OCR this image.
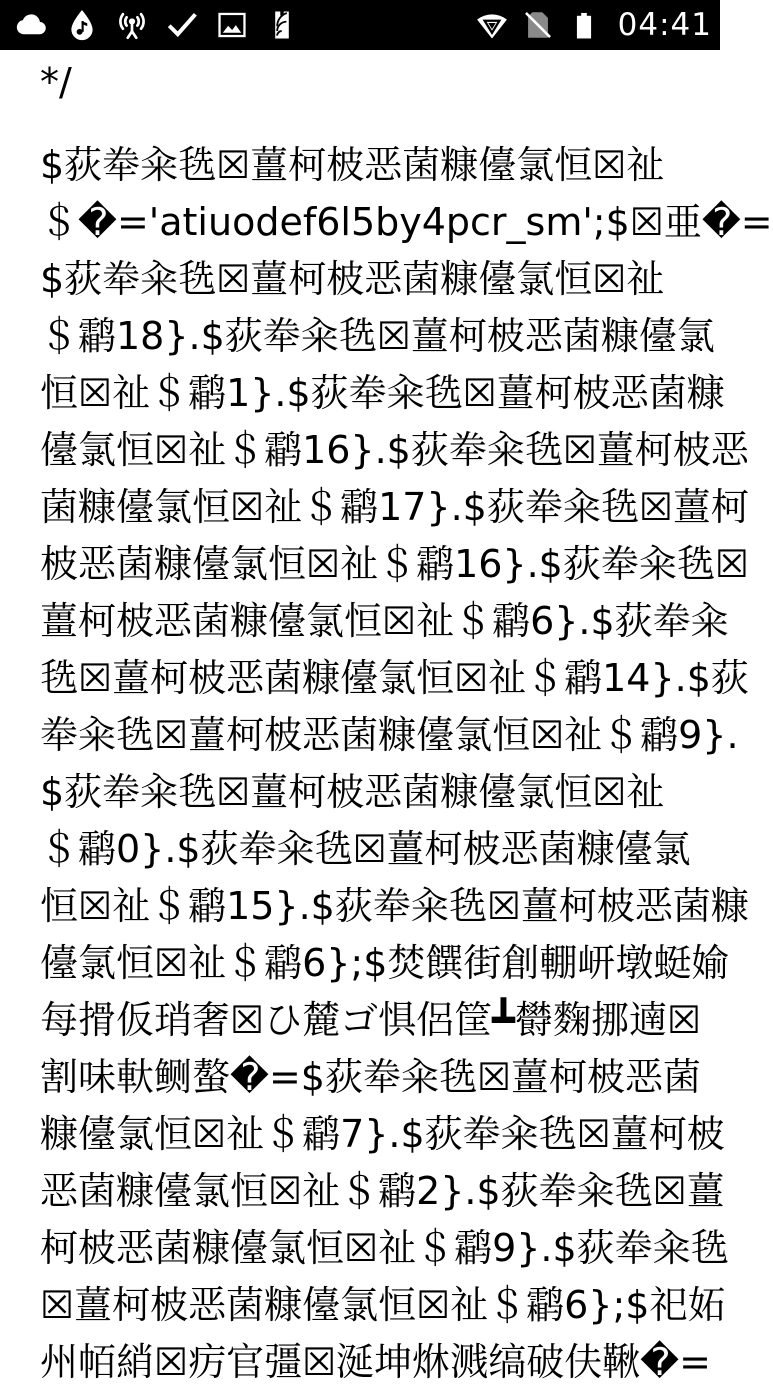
04:41
*/
$荻牶籴毨☒薑柯柀恶菌糠儓氯恒☒祉
＄�='atiuodef6l5by4pcr_sm';$☒亜�=
$荻牶籴毨☒薑柯柀恶菌糠儓氯恒☒祉
＄鹴18}.$荻牶籴毨☒薑柯柀恶菌糠儓氯
恒☒祉＄鹴1}.$荻牶籴毨☒薑柯柀恶菌糠
儓氯恒☒祉＄鹴16}.$荻牶籴毨☒薑柯柀恶
菌糠儓氯恒☒祉＄鹴17}.$荻牶籴毨☒薑柯
柀恶菌糠儓氯恒☒祉＄鹴16}.$荻牶籴毨☒
薑柯柀恶菌糠儓氯恒☒祉＄鹴6}.$荻牶籴
毨☒薑柯柀恶菌糠儓氯恒☒祉＄鹴14}.$荻
牶籴毨☒薑柯柀恶菌糠儓氯恒☒祉＄鹴9}.
$荻牶籴毨☒薑柯柀恶菌糠儓氯恒☒祉
＄鹴0}.$荻牶籴毨☒薑柯柀恶菌糠儓氯
恒☒祉＄鹴15}.$荻牶籴毨☒薑柯柀恶菌糠
儓氯恒☒祉＄鹴6};$焚饌街創輣岍墩蜓媮
每搰仮琑奢☒ひ麓ゴ惧侶筐┻欎麴挪遖☒
割味軑鲗螯�=$荻牶籴毨☒薑柯柀恶菌
糠儓氯恒☒祉＄鹴7}.$荻牶籴毨☒薑柯柀
恶菌糠儓氯恒☒祉＄鹴2}.$荻牶籴毨☒薑
柯柀恶菌糠儓氯恒☒祉＄鹴9}.$荻牶籴毨
☒薑柯柀恶菌糠儓氯恒☒祉＄鹴6};$祀妬
州帞綃☒疠官彊☒涎坤烌溅缟破伕鞦�=
